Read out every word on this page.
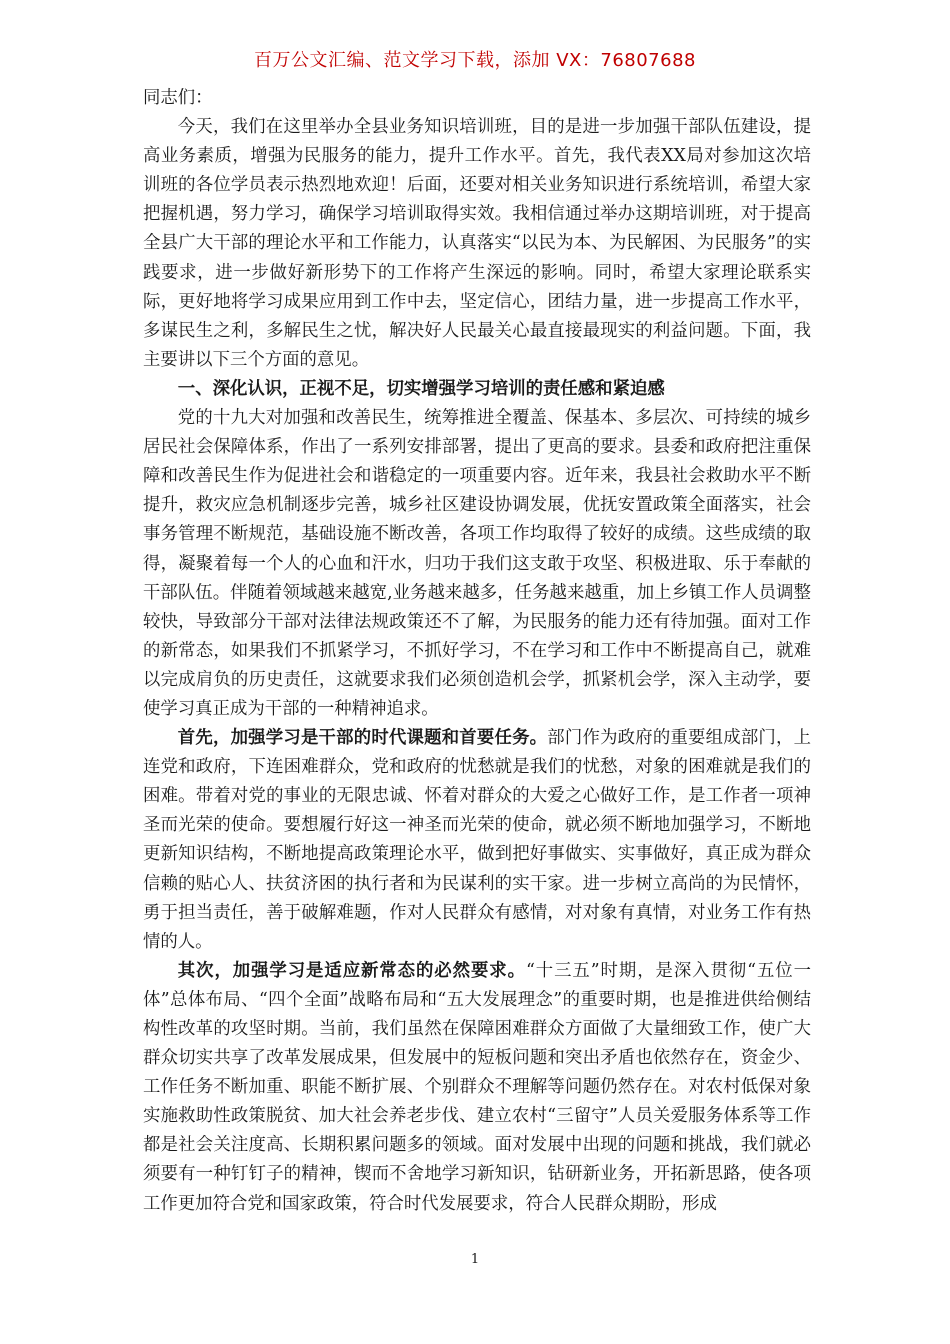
百万公文汇编、范文学习下载，添加 VX：76807688

同志们：

今天，我们在这里举办全县业务知识培训班，目的是进一步加强干部队伍建设，提高业务素质，增强为民服务的能力，提升工作水平。首先，我代表XX局对参加这次培训班的各位学员表示热烈地欢迎！后面，还要对相关业务知识进行系统培训，希望大家把握机遇，努力学习，确保学习培训取得实效。我相信通过举办这期培训班，对于提高全县广大干部的理论水平和工作能力，认真落实“以民为本、为民解困、为民服务”的实践要求，进一步做好新形势下的工作将产生深远的影响。同时，希望大家理论联系实际，更好地将学习成果应用到工作中去，坚定信心，团结力量，进一步提高工作水平，多谋民生之利，多解民生之忧，解决好人民最关心最直接最现实的利益问题。下面，我主要讲以下三个方面的意见。

一、深化认识，正视不足，切实增强学习培训的责任感和紧迫感

党的十九大对加强和改善民生，统筹推进全覆盖、保基本、多层次、可持续的城乡居民社会保障体系，作出了一系列安排部署，提出了更高的要求。县委和政府把注重保障和改善民生作为促进社会和谐稳定的一项重要内容。近年来，我县社会救助水平不断提升，救灾应急机制逐步完善，城乡社区建设协调发展，优抚安置政策全面落实，社会事务管理不断规范，基础设施不断改善，各项工作均取得了较好的成绩。这些成绩的取得，凝聚着每一个人的心血和汗水，归功于我们这支敢于攻坚、积极进取、乐于奉献的干部队伍。伴随着领域越来越宽,业务越来越多，任务越来越重，加上乡镇工作人员调整较快，导致部分干部对法律法规政策还不了解，为民服务的能力还有待加强。面对工作的新常态，如果我们不抓紧学习，不抓好学习，不在学习和工作中不断提高自己，就难以完成肩负的历史责任，这就要求我们必须创造机会学，抓紧机会学，深入主动学，要使学习真正成为干部的一种精神追求。

首先，加强学习是干部的时代课题和首要任务。部门作为政府的重要组成部门，上连党和政府，下连困难群众，党和政府的忧愁就是我们的忧愁，对象的困难就是我们的困难。带着对党的事业的无限忠诚、怀着对群众的大爱之心做好工作，是工作者一项神圣而光荣的使命。要想履行好这一神圣而光荣的使命，就必须不断地加强学习，不断地更新知识结构，不断地提高政策理论水平，做到把好事做实、实事做好，真正成为群众信赖的贴心人、扶贫济困的执行者和为民谋利的实干家。进一步树立高尚的为民情怀，勇于担当责任，善于破解难题，作对人民群众有感情，对对象有真情，对业务工作有热情的人。

其次，加强学习是适应新常态的必然要求。“十三五”时期，是深入贯彻“五位一体”总体布局、“四个全面”战略布局和“五大发展理念”的重要时期，也是推进供给侧结构性改革的攻坚时期。当前，我们虽然在保障困难群众方面做了大量细致工作，使广大群众切实共享了改革发展成果，但发展中的短板问题和突出矛盾也依然存在，资金少、工作任务不断加重、职能不断扩展、个别群众不理解等问题仍然存在。对农村低保对象实施救助性政策脱贫、加大社会养老步伐、建立农村“三留守”人员关爱服务体系等工作都是社会关注度高、长期积累问题多的领域。面对发展中出现的问题和挑战，我们就必须要有一种钉钉子的精神，锲而不舍地学习新知识，钻研新业务，开拓新思路，使各项工作更加符合党和国家政策，符合时代发展要求，符合人民群众期盼，形成

1
